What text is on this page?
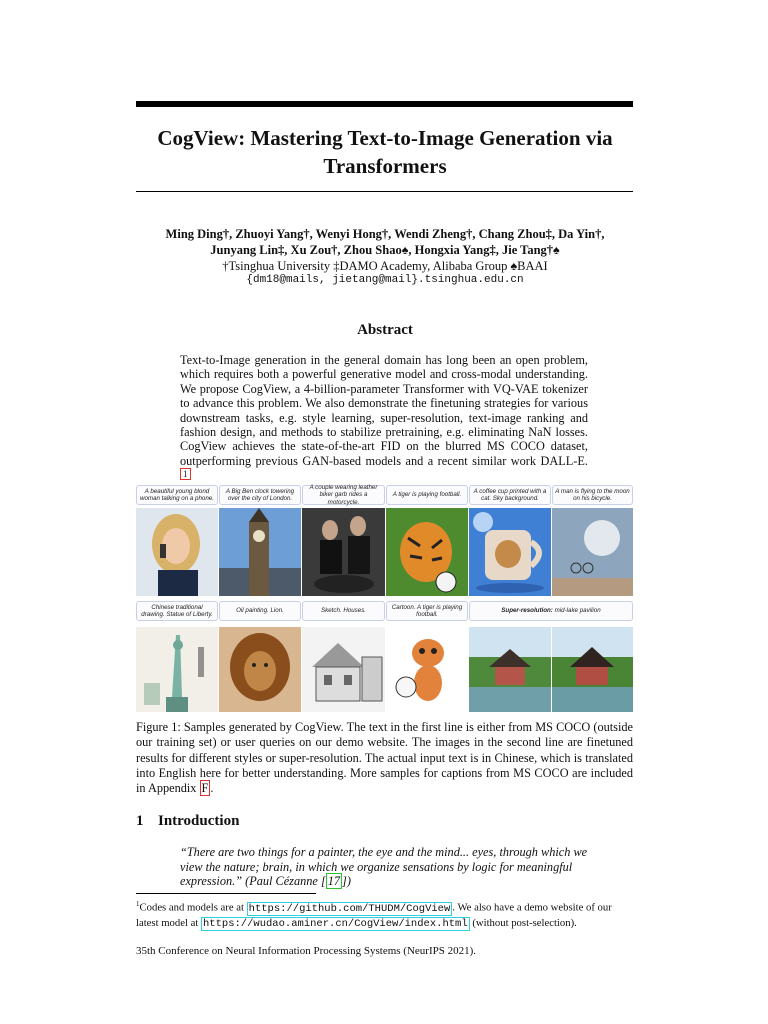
CogView: Mastering Text-to-Image Generation via
Transformers
Ming Ding†, Zhuoyi Yang†, Wenyi Hong†, Wendi Zheng†, Chang Zhou‡, Da Yin†,
Junyang Lin‡, Xu Zou†, Zhou Shao♠, Hongxia Yang‡, Jie Tang†♠
†Tsinghua University ‡DAMO Academy, Alibaba Group ♠BAAI
{dm18@mails, jietang@mail}.tsinghua.edu.cn
Abstract
Text-to-Image generation in the general domain has long been an open problem, which requires both a powerful generative model and cross-modal understanding. We propose CogView, a 4-billion-parameter Transformer with VQ-VAE tokenizer to advance this problem. We also demonstrate the finetuning strategies for various downstream tasks, e.g. style learning, super-resolution, text-image ranking and fashion design, and methods to stabilize pretraining, e.g. eliminating NaN losses. CogView achieves the state-of-the-art FID on the blurred MS COCO dataset, outperforming previous GAN-based models and a recent similar work DALL-E. 1
A beautiful young blond woman talking on a phone.
A Big Ben clock towering over the city of London.
A couple wearing leather biker garb rides a motorcycle.
A tiger is playing football.
A coffee cup printed with a cat. Sky background.
A man is flying to the moon on his bicycle.
Chinese traditional drawing. Statue of Liberty.
Oil painting. Lion.	Sketch. Houses.
Cartoon. A tiger is playing football.
Super-resolution: mid-lake pavilion
Figure 1: Samples generated by CogView. The text in the first line is either from MS COCO (outside our training set) or user queries on our demo website. The images in the second line are finetuned results for different styles or super-resolution. The actual input text is in Chinese, which is translated into English here for better understanding. More samples for captions from MS COCO are included in Appendix F .
1 Introduction
“There are two things for a painter, the eye and the mind... eyes, through which we view the nature; brain, in which we organize sensations by logic for meaningful expression.” (Paul Cézanne [ 17 ])
$^1$Codes and models are at https://github.com/THUDM/CogView . We also have a demo website of our latest model at https://wudao.aminer.cn/CogView/index.html (without post-selection).
35th Conference on Neural Information Processing Systems (NeurIPS 2021).
